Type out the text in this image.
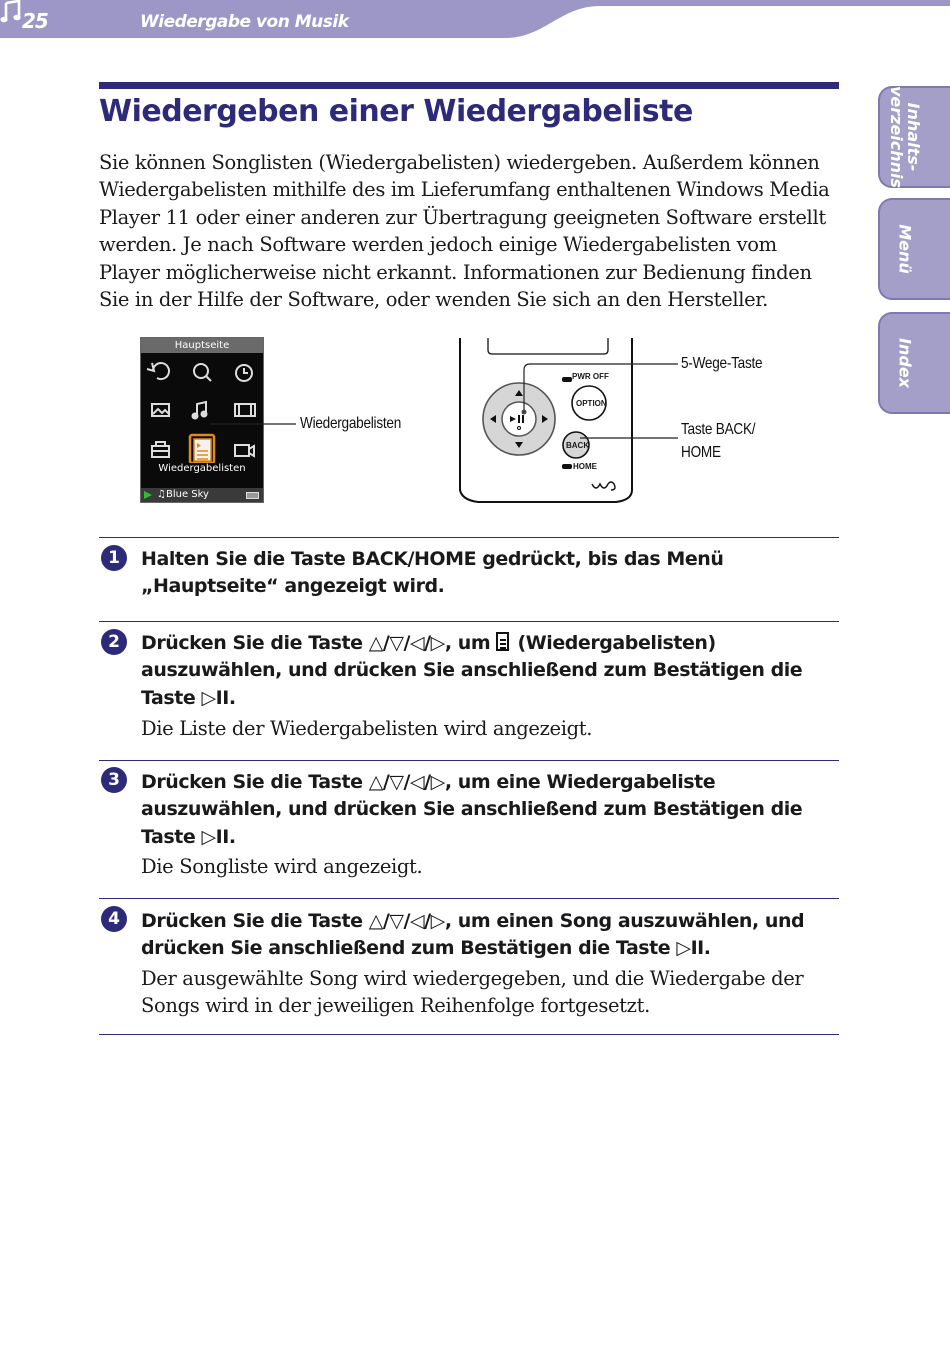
25	Wiedergabe von Musik
Inhalts-
verzeichnis
Menü
Index
Wiedergeben einer Wiedergabeliste
Sie können Songlisten (Wiedergabelisten) wiedergeben. Außerdem können Wiedergabelisten mithilfe des im Lieferumfang enthaltenen Windows Media Player 11 oder einer anderen zur Übertragung geeigneten Software erstellt werden. Je nach Software werden jedoch einige Wiedergabelisten vom Player möglicherweise nicht erkannt. Informationen zur Bedienung finden Sie in der Hilfe der Software, oder wenden Sie sich an den Hersteller.
Hauptseite
Wiedergabelisten
♫Blue Sky
PWR OFF
OPTION
BACK
HOME
Wiedergabelisten
5-Wege-Taste
Taste BACK/
HOME
1	Halten Sie die Taste BACK/HOME gedrückt, bis das Menü „Hauptseite“ angezeigt wird.
2	Drücken Sie die Taste △/▽/◁/▷, um  (Wiedergabelisten) auszuwählen, und drücken Sie anschließend zum Bestätigen die Taste ▷II.
Die Liste der Wiedergabelisten wird angezeigt.
3	Drücken Sie die Taste △/▽/◁/▷, um eine Wiedergabeliste auszuwählen, und drücken Sie anschließend zum Bestätigen die Taste ▷II.
Die Songliste wird angezeigt.
4	Drücken Sie die Taste △/▽/◁/▷, um einen Song auszuwählen, und drücken Sie anschließend zum Bestätigen die Taste ▷II.
Der ausgewählte Song wird wiedergegeben, und die Wiedergabe der Songs wird in der jeweiligen Reihenfolge fortgesetzt.
